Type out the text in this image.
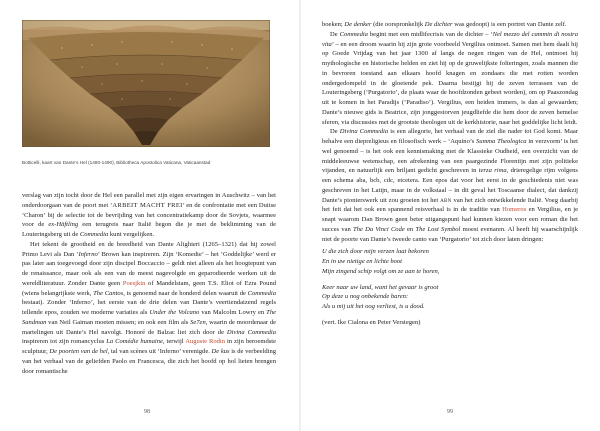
Botticelli, kaart van Dante’s Hel (1480-1490), Bibliotheca Apostolica Vaticana, Vaticaanstad

verslag van zijn tocht door de Hel een parallel met zijn eigen ervaringen in Auschwitz – van het onderdoorgaan van de poort met ‘ARBEIT MACHT FREI’ en de confrontatie met een Duitse ‘Charon’ bij de selectie tot de bevrijding van het concentratiekamp door de Sovjets, waarmee voor de ex-Häftling een terugreis naar Italië begon die je met de beklimming van de Louteringsberg uit de Commedia kunt vergelijken.

Het tekent de grootheid en de breedheid van Dante Alighieri (1265–1321) dat hij zowel Primo Levi als Dan ‘Inferno’ Brown kan inspireren. Zijn ‘Komedie’ – het ‘Goddelijke’ werd er pas later aan toegevoegd door zijn discipel Boccaccio – geldt niet alleen als het hoogtepunt van de renaissance, maar ook als een van de meest nagevolgde en geparodieerde werken uit de wereldliteratuur. Zonder Dante geen Poesjkin of Mandelstam, geen T.S. Eliot of Ezra Pound (wiens belangrijkste werk, The Cantos, is genoemd naar de honderd delen waaruit de Commedia bestaat). Zonder ‘Inferno’, het eerste van de drie delen van Dante’s veertiendaizend regels tellende epos, zouden we moderne variaties als Under the Volcano van Malcolm Lowry en The Sandman van Neil Gaiman moeten missen; en ook een film als Se7en, waarin de moordenaar de martelingen uit Dante’s Hel navolgt. Honoré de Balzac liet zich door de Divina Commedia inspireren tot zijn romancyclus La Comédie humaine, terwijl Auguste Rodin in zijn beroemdste sculptuur, De poorten van de hel, tal van scènes uit ‘Inferno’ verenigde. De kus is de verbeelding van het verhaal van de geliefden Paolo en Francesca, die zich het hoofd op hol lieten brengen door romantische

98

boeken; De denker (die oorspronkelijk De dichter was gedoopt) is een portret van Dante zelf.

De Commedia begint met een midlifecrisis van de dichter – ‘Nel mezzo del cammin di nostra vita’ – en een droom waarin hij zijn grote voorbeeld Vergilius ontmoet. Samen met hem daalt hij op Goede Vrijdag van het jaar 1300 af langs de negen ringen van de Hel, ontmoet hij mythologische en historische helden en ziet hij op de gruwelijkste folteringen, zoals mannen die in bevroren toestand aan elkaars hoofd knagen en zondaars die met rotten worden ondergedompeld in de gloeiende pek. Daarna bestijgt hij de zeven terrassen van de Louteringsberg (‘Purgatorio’, de plaats waar de hoofdzonden gebeet worden), om op Paaszondag uit te komen in het Paradijs (‘Paradiso’). Vergilius, een heiden immers, is dan al gewaarden; Dante’s nieuwe gids is Beatrice, zijn jonggestorven jeugdliefde die hem door de zeven hemelse sferen, via discussies met de grootste theologen uit de kerkhistorie, naar het goddelijke licht leidt.

De Divina Commedia is een allegorie, het verhaal van de ziel die nader tot God komt. Maar behalve een diepreligieus en filosofisch werk – ‘Aquino’s Summa Theologica in verzvorm’ is het wel genoemd – is het ook een kennismaking met de Klassieke Oudheid, een overzicht van de middeleeuwse wetenschap, een afrekening van een paargezinde Florentijn met zijn politieke vijanden, en natuurlijk een briljant gedicht geschreven in terza rima, drieregelige rijm volgens een schema aba, bcb, cdc, etcetera. Een epos dat voor het eerst in de geschiedenis niet was geschreven in het Latijn, maar in de volkstaal – in dit geval het Toscaanse dialect, dat dankzij Dante’s pionierswerk uit zou groeien tot het abn van het zich ontwikkelende Italië. Voeg daarbij het feit dat het ook een spannend reisverhaal is in de traditie van Homeros en Vergilius, en je snapt waarom Dan Brown geen beter uitgangspunt had kunnen kiezen voor een roman die het succes van The Da Vinci Code en The Lost Symbol moest evenaren. Al heeft hij waarschijnlijk niet de poorte van Dante’s tweede canto van ‘Purgatorio’ tot zich door laten dringen:

U die zich door mijn verzen laat bekoren
En in uw nietige en lichte boot
Mijn zingend schip volgt om ze aan te horen,
Keer naar uw land, want het gevaar is groot
Op deze u nog onbekende baren:
Als u mij uit het oog verliest, is u dood.
(vert. Ike Cialona en Peter Verstegen)
99
